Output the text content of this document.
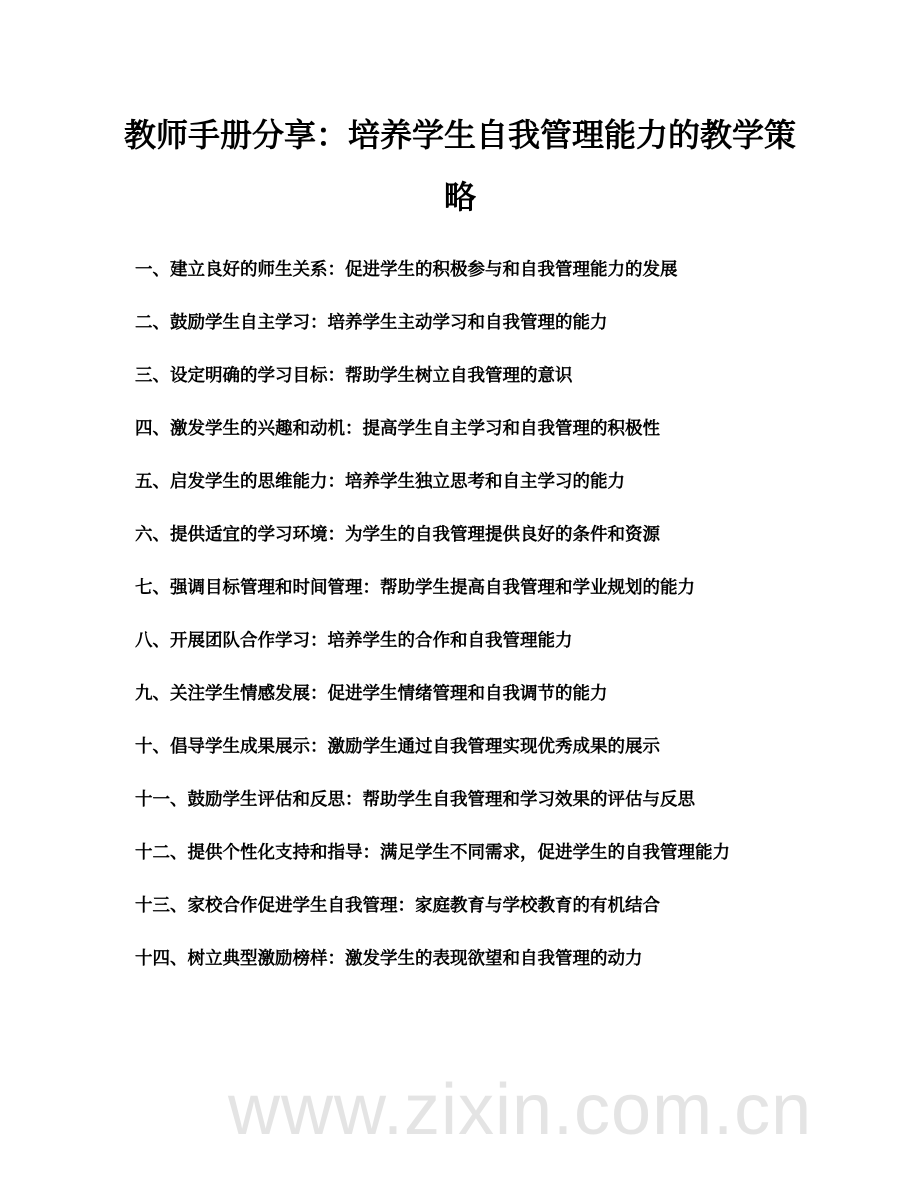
教师手册分享：培养学生自我管理能力的教学策略
一、建立良好的师生关系：促进学生的积极参与和自我管理能力的发展
二、鼓励学生自主学习：培养学生主动学习和自我管理的能力
三、设定明确的学习目标：帮助学生树立自我管理的意识
四、激发学生的兴趣和动机：提高学生自主学习和自我管理的积极性
五、启发学生的思维能力：培养学生独立思考和自主学习的能力
六、提供适宜的学习环境：为学生的自我管理提供良好的条件和资源
七、强调目标管理和时间管理：帮助学生提高自我管理和学业规划的能力
八、开展团队合作学习：培养学生的合作和自我管理能力
九、关注学生情感发展：促进学生情绪管理和自我调节的能力
十、倡导学生成果展示：激励学生通过自我管理实现优秀成果的展示
十一、鼓励学生评估和反思：帮助学生自我管理和学习效果的评估与反思
十二、提供个性化支持和指导：满足学生不同需求，促进学生的自我管理能力
十三、家校合作促进学生自我管理：家庭教育与学校教育的有机结合
十四、树立典型激励榜样：激发学生的表现欲望和自我管理的动力
www.zixin.com.cn
